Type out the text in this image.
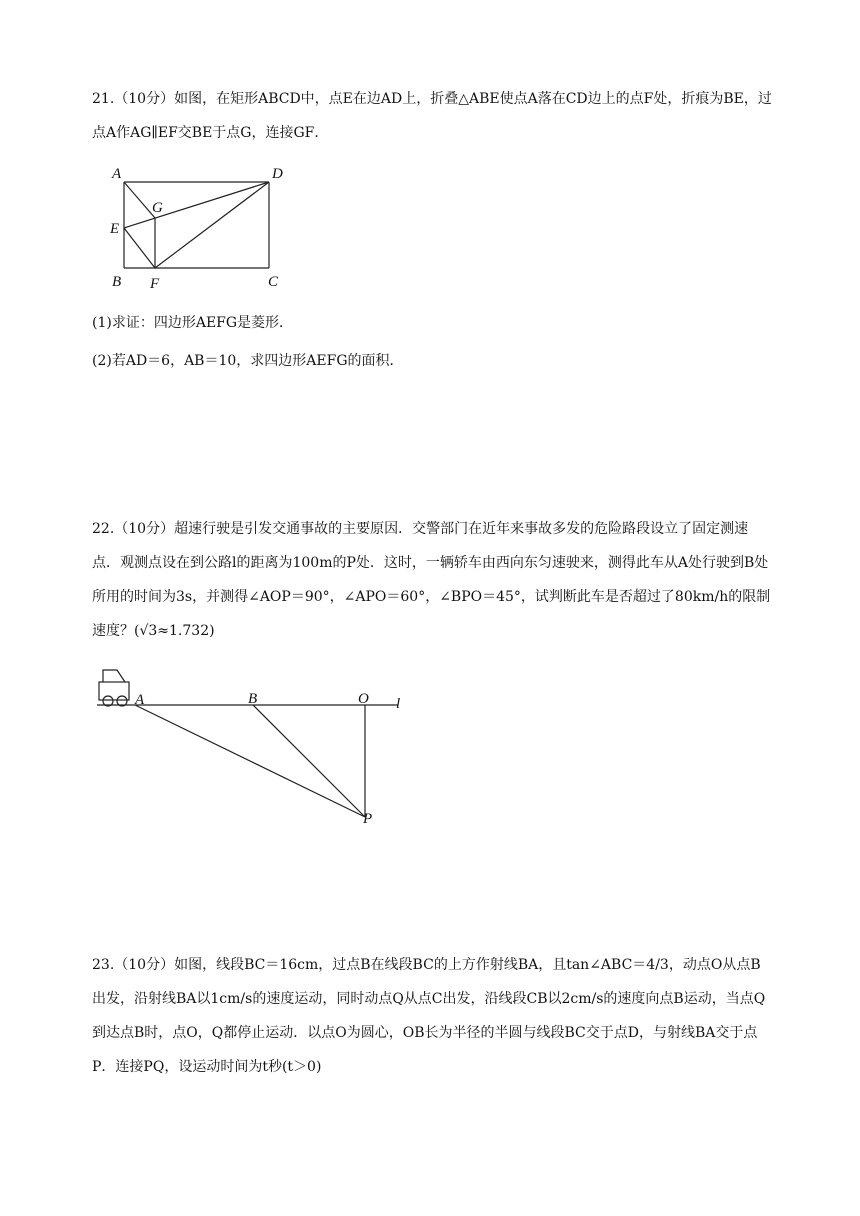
21.（10分）如图，在矩形ABCD中，点E在边AD上，折叠△ABE使点A落在CD边上的点F处，折痕为BE，过点A作AG∥EF交BE于点G，连接GF．

A	D
G
E
B F	C

(1)求证：四边形AEFG是菱形．

(2)若AD＝6，AB＝10，求四边形AEFG的面积．

22.（10分）超速行驶是引发交通事故的主要原因．交警部门在近年来事故多发的危险路段设立了固定测速点．观测点设在到公路l的距离为100m的P处．这时，一辆轿车由西向东匀速驶来，测得此车从A处行驶到B处所用的时间为3s，并测得∠AOP＝90°，∠APO＝60°，∠BPO＝45°，试判断此车是否超过了80km/h的限制速度？(√3≈1.732)

A	B	O l
P

23.（10分）如图，线段BC＝16cm，过点B在线段BC的上方作射线BA，且tan∠ABC＝4/3，动点O从点B出发，沿射线BA以1cm/s的速度运动，同时动点Q从点C出发，沿线段CB以2cm/s的速度向点B运动，当点Q到达点B时，点O，Q都停止运动．以点O为圆心，OB长为半径的半圆与线段BC交于点D，与射线BA交于点P．连接PQ，设运动时间为t秒(t＞0)
